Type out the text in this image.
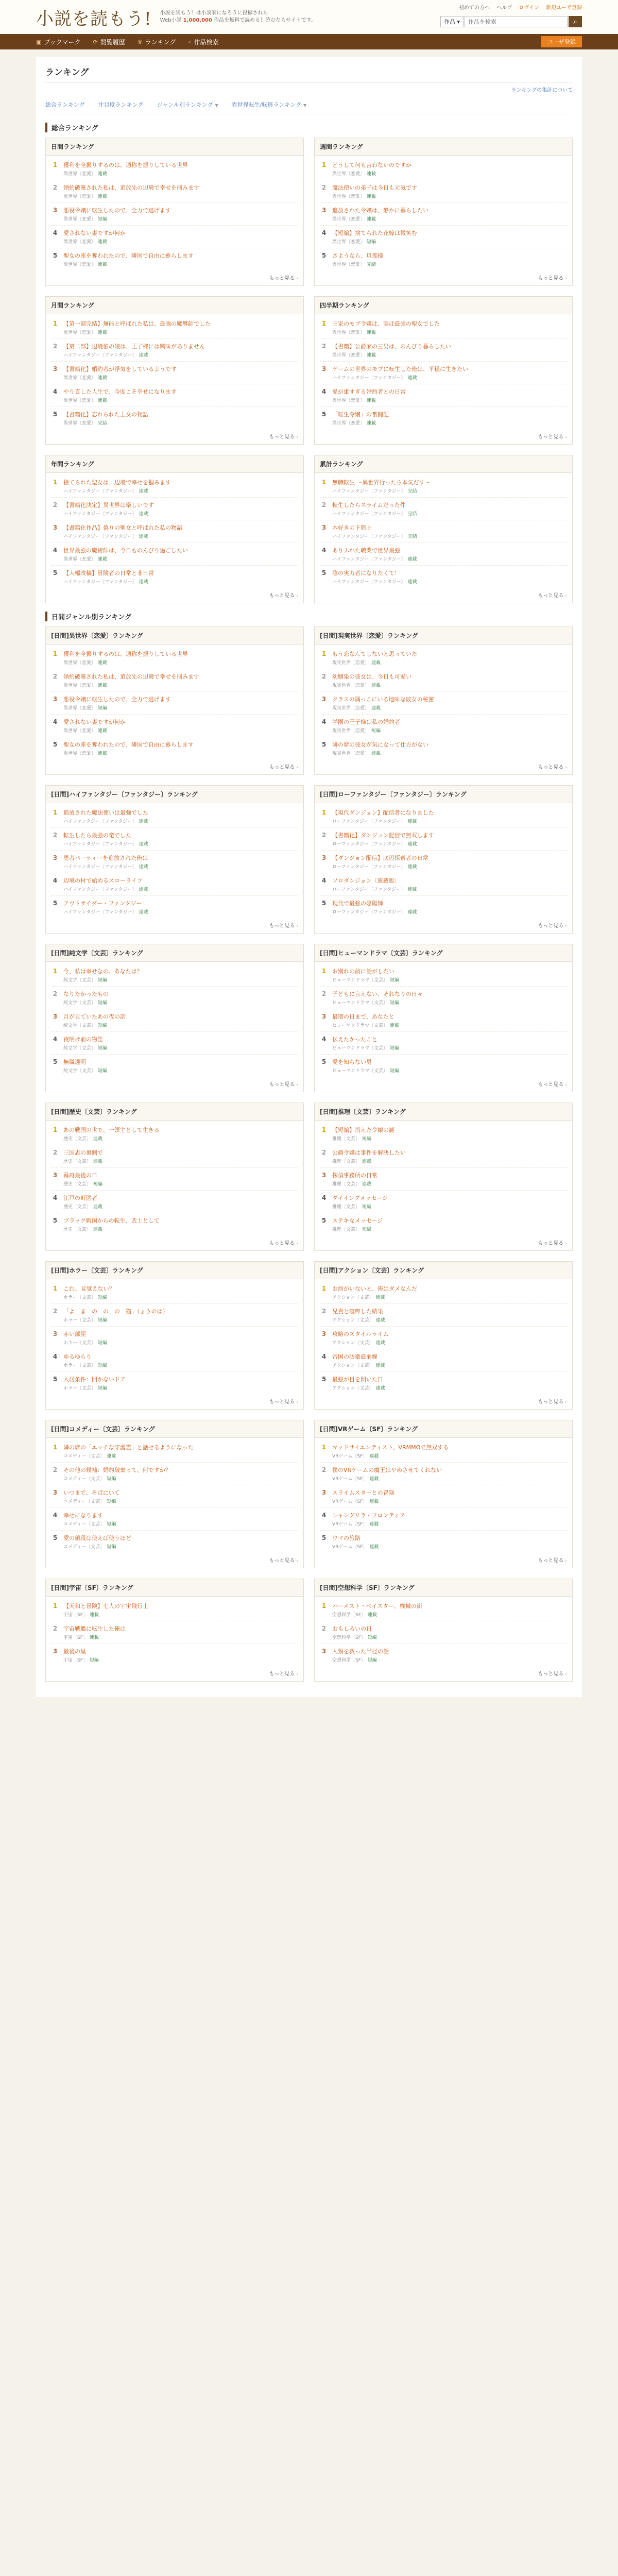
小説を読もう! 小説を読もう！は小説家になろうに投稿された
Web小説 1,000,000 作品を無料で読める！読むならサイトです。
初めての方へ ヘルプ ログイン 新規ユーザ登録
作品 ▾
作品を検索	⌕
▣ ブックマーク ⟳ 閲覧履歴 ♛ ランキング ⌕ 作品検索	ユーザ登録
ランキング
ランキングの集計について
総合ランキング 注目度ランキング ジャンル別ランキング ▼ 異世界転生/転移ランキング ▼
総合ランキング
日間ランキング
1	獲利を全振りするのは、通称を振りしている世界
異世界〔恋愛〕 連載
2	婚約破棄された私は、追放先の辺境で幸せを掴みます
異世界〔恋愛〕 連載
3	悪役令嬢に転生したので、全力で逃げます
異世界〔恋愛〕 短編
4	愛されない妻ですが何か
異世界〔恋愛〕 連載
5	聖女の座を奪われたので、隣国で自由に暮らします
異世界〔恋愛〕 連載
もっと見る ›
週間ランキング
1	どうして何も言わないのですか
異世界〔恋愛〕 連載
2	魔法使いの弟子は今日も元気です
異世界〔恋愛〕 連載
3	追放された令嬢は、静かに暮らしたい
異世界〔恋愛〕 連載
4	【短編】捨てられた花嫁は微笑む
異世界〔恋愛〕 短編
5	さようなら、旦那様
異世界〔恋愛〕 完結
もっと見る ›
月間ランキング
1	【第一部完結】無能と呼ばれた私は、最強の魔導師でした
異世界〔恋愛〕 連載
2	【第二部】辺境伯の娘は、王子様には興味がありません
ハイファンタジー〔ファンタジー〕 連載
3	【書籍化】婚約者が浮気をしているようです
異世界〔恋愛〕 連載
4	やり直した人生で、今度こそ幸せになります
異世界〔恋愛〕 連載
5	【書籍化】忘れられた王女の物語
異世界〔恋愛〕 完結
もっと見る ›
四半期ランキング
1	王家のモブ令嬢は、実は最強の聖女でした
異世界〔恋愛〕 連載
2	【書籍】公爵家の三男は、のんびり暮らしたい
異世界〔恋愛〕 連載
3	ゲームの世界のモブに転生した俺は、平穏に生きたい
ハイファンタジー〔ファンタジー〕 連載
4	愛が重すぎる婚約者との日常
異世界〔恋愛〕 連載
5	「転生令嬢」の奮闘記
異世界〔恋愛〕 連載
もっと見る ›
年間ランキング
1	捨てられた聖女は、辺境で幸せを掴みます
ハイファンタジー〔ファンタジー〕 連載
2	【書籍化決定】異世界は楽しいです
ハイファンタジー〔ファンタジー〕 連載
3	【書籍化作品】偽りの聖女と呼ばれた私の物語
ハイファンタジー〔ファンタジー〕 連載
4	世界最強の魔術師は、今日ものんびり過ごしたい
異世界〔恋愛〕 連載
5	【大幅改稿】冒険者の日常と非日常
ハイファンタジー〔ファンタジー〕 連載
もっと見る ›
累計ランキング
1	無職転生 〜異世界行ったら本気だす〜
ハイファンタジー〔ファンタジー〕 完結
2	転生したらスライムだった件
ハイファンタジー〔ファンタジー〕 完結
3	本好きの下剋上
ハイファンタジー〔ファンタジー〕 完結
4	ありふれた職業で世界最強
ハイファンタジー〔ファンタジー〕 連載
5	陰の実力者になりたくて！
ハイファンタジー〔ファンタジー〕 連載
もっと見る ›
日間ジャンル別ランキング
[日間]異世界〔恋愛〕ランキング
1	獲利を全振りするのは、通称を振りしている世界
異世界〔恋愛〕 連載
2	婚約破棄された私は、追放先の辺境で幸せを掴みます
異世界〔恋愛〕 連載
3	悪役令嬢に転生したので、全力で逃げます
異世界〔恋愛〕 短編
4	愛されない妻ですが何か
異世界〔恋愛〕 連載
5	聖女の座を奪われたので、隣国で自由に暮らします
異世界〔恋愛〕 連載
もっと見る ›
[日間]現実世界〔恋愛〕ランキング
1	もう恋なんてしないと思っていた
現実世界〔恋愛〕 連載
2	幼馴染の彼女は、今日も可愛い
現実世界〔恋愛〕 連載
3	クラスの隅っこにいる地味な彼女の秘密
現実世界〔恋愛〕 連載
4	学園の王子様は私の婚約者
現実世界〔恋愛〕 短編
5	隣の席の彼女が気になって仕方がない
現実世界〔恋愛〕 連載
もっと見る ›
[日間]ハイファンタジー〔ファンタジー〕ランキング
1	追放された魔法使いは最強でした
ハイファンタジー〔ファンタジー〕 連載
2	転生したら最強の竜でした
ハイファンタジー〔ファンタジー〕 連載
3	勇者パーティーを追放された俺は
ハイファンタジー〔ファンタジー〕 連載
4	辺境の村で始めるスローライフ
ハイファンタジー〔ファンタジー〕 連載
5	アウトサイダー・ファンタジー
ハイファンタジー〔ファンタジー〕 連載
もっと見る ›
[日間]ローファンタジー〔ファンタジー〕ランキング
1	【現代ダンジョン】配信者になりました
ローファンタジー〔ファンタジー〕 連載
2	【書籍化】ダンジョン配信で無双します
ローファンタジー〔ファンタジー〕 連載
3	【ダンジョン配信】底辺探索者の日常
ローファンタジー〔ファンタジー〕 連載
4	ソロダンジョン〔連載版〕
ローファンタジー〔ファンタジー〕 連載
5	現代で最強の陰陽師
ローファンタジー〔ファンタジー〕 連載
もっと見る ›
[日間]純文学〔文芸〕ランキング
1	今、私は幸せなの。あなたは？
純文学〔文芸〕 短編
2	なりたかったもの
純文学〔文芸〕 短編
3	月が見ていたあの夜の話
純文学〔文芸〕 短編
4	夜明け前の物語
純文学〔文芸〕 短編
5	無職透明
純文学〔文芸〕 短編
もっと見る ›
[日間]ヒューマンドラマ〔文芸〕ランキング
1	お別れの前に話がしたい
ヒューマンドラマ〔文芸〕 短編
2	子どもに言えない、それなりの日々
ヒューマンドラマ〔文芸〕 短編
3	最期の日まで、あなたと
ヒューマンドラマ〔文芸〕 連載
4	伝えたかったこと
ヒューマンドラマ〔文芸〕 短編
5	愛を知らない男
ヒューマンドラマ〔文芸〕 短編
もっと見る ›
[日間]歴史〔文芸〕ランキング
1	あの戦国の世で、一領主として生きる
歴史〔文芸〕 連載
2	三国志の裏側で
歴史〔文芸〕 連載
3	幕府最後の日
歴史〔文芸〕 短編
4	江戸の町医者
歴史〔文芸〕 連載
5	ブラック戦国からの転生、武士として
歴史〔文芸〕 連載
もっと見る ›
[日間]推理〔文芸〕ランキング
1	【短編】消えた令嬢の謎
推理〔文芸〕 短編
2	公爵令嬢は事件を解決したい
推理〔文芸〕 連載
3	探偵事務所の日常
推理〔文芸〕 連載
4	ダイイングメッセージ
推理〔文芸〕 短編
5	ステキなメッセージ
推理〔文芸〕 短編
もっと見る ›
[日間]ホラー〔文芸〕ランキング
1	これ、見覚えない？
ホラー〔文芸〕 短編
2	「よ　ま　の　の　の　猫」（ょうのは）
ホラー〔文芸〕 短編
3	赤い部屋
ホラー〔文芸〕 短編
4	ゆるゆらり
ホラー〔文芸〕 短編
5	入居条件：開かないドア
ホラー〔文芸〕 短編
もっと見る ›
[日間]アクション〔文芸〕ランキング
1	お前がいないと、俺はダメなんだ
アクション〔文芸〕 連載
2	兄貴と喧嘩した結果
アクション〔文芸〕 連載
3	攻略のスタイルライム
アクション〔文芸〕 連載
4	帝国の防衛最前線
アクション〔文芸〕 連載
5	最強が目を開いた日
アクション〔文芸〕 連載
もっと見る ›
[日間]コメディー〔文芸〕ランキング
1	隣の席の「エッチな守護霊」と話せるようになった
コメディー〔文芸〕 連載
2	その他の候補：婚約破棄って、何ですか？
コメディー〔文芸〕 短編
3	いつまで、そばにいて
コメディー〔文芸〕 短編
4	幸せになります
コメディー〔文芸〕 短編
5	愛の値段は使えば使うほど
コメディー〔文芸〕 短編
もっと見る ›
[日間]VRゲーム〔SF〕ランキング
1	マッドサイエンティスト、VRMMOで無双する
VRゲーム〔SF〕 連載
2	僕のVRゲームの魔王はやめさせてくれない
VRゲーム〔SF〕 連載
3	スライムスターとの冒険
VRゲーム〔SF〕 連載
4	シャングリラ・フロンティア
VRゲーム〔SF〕 連載
5	ウマの旅路
VRゲーム〔SF〕 連載
もっと見る ›
[日間]宇宙〔SF〕ランキング
1	【天和と冒険】七人の宇宙飛行士
宇宙〔SF〕 連載
2	宇宙戦艦に転生した俺は
宇宙〔SF〕 連載
3	最後の星
宇宙〔SF〕 短編
もっと見る ›
[日間]空想科学〔SF〕ランキング
1	ハーメスト・ベイスター、機械の街
空想科学〔SF〕 連載
2	おもしろいの日
空想科学〔SF〕 短編
3	人類を救った半径の話
空想科学〔SF〕 短編
もっと見る ›
